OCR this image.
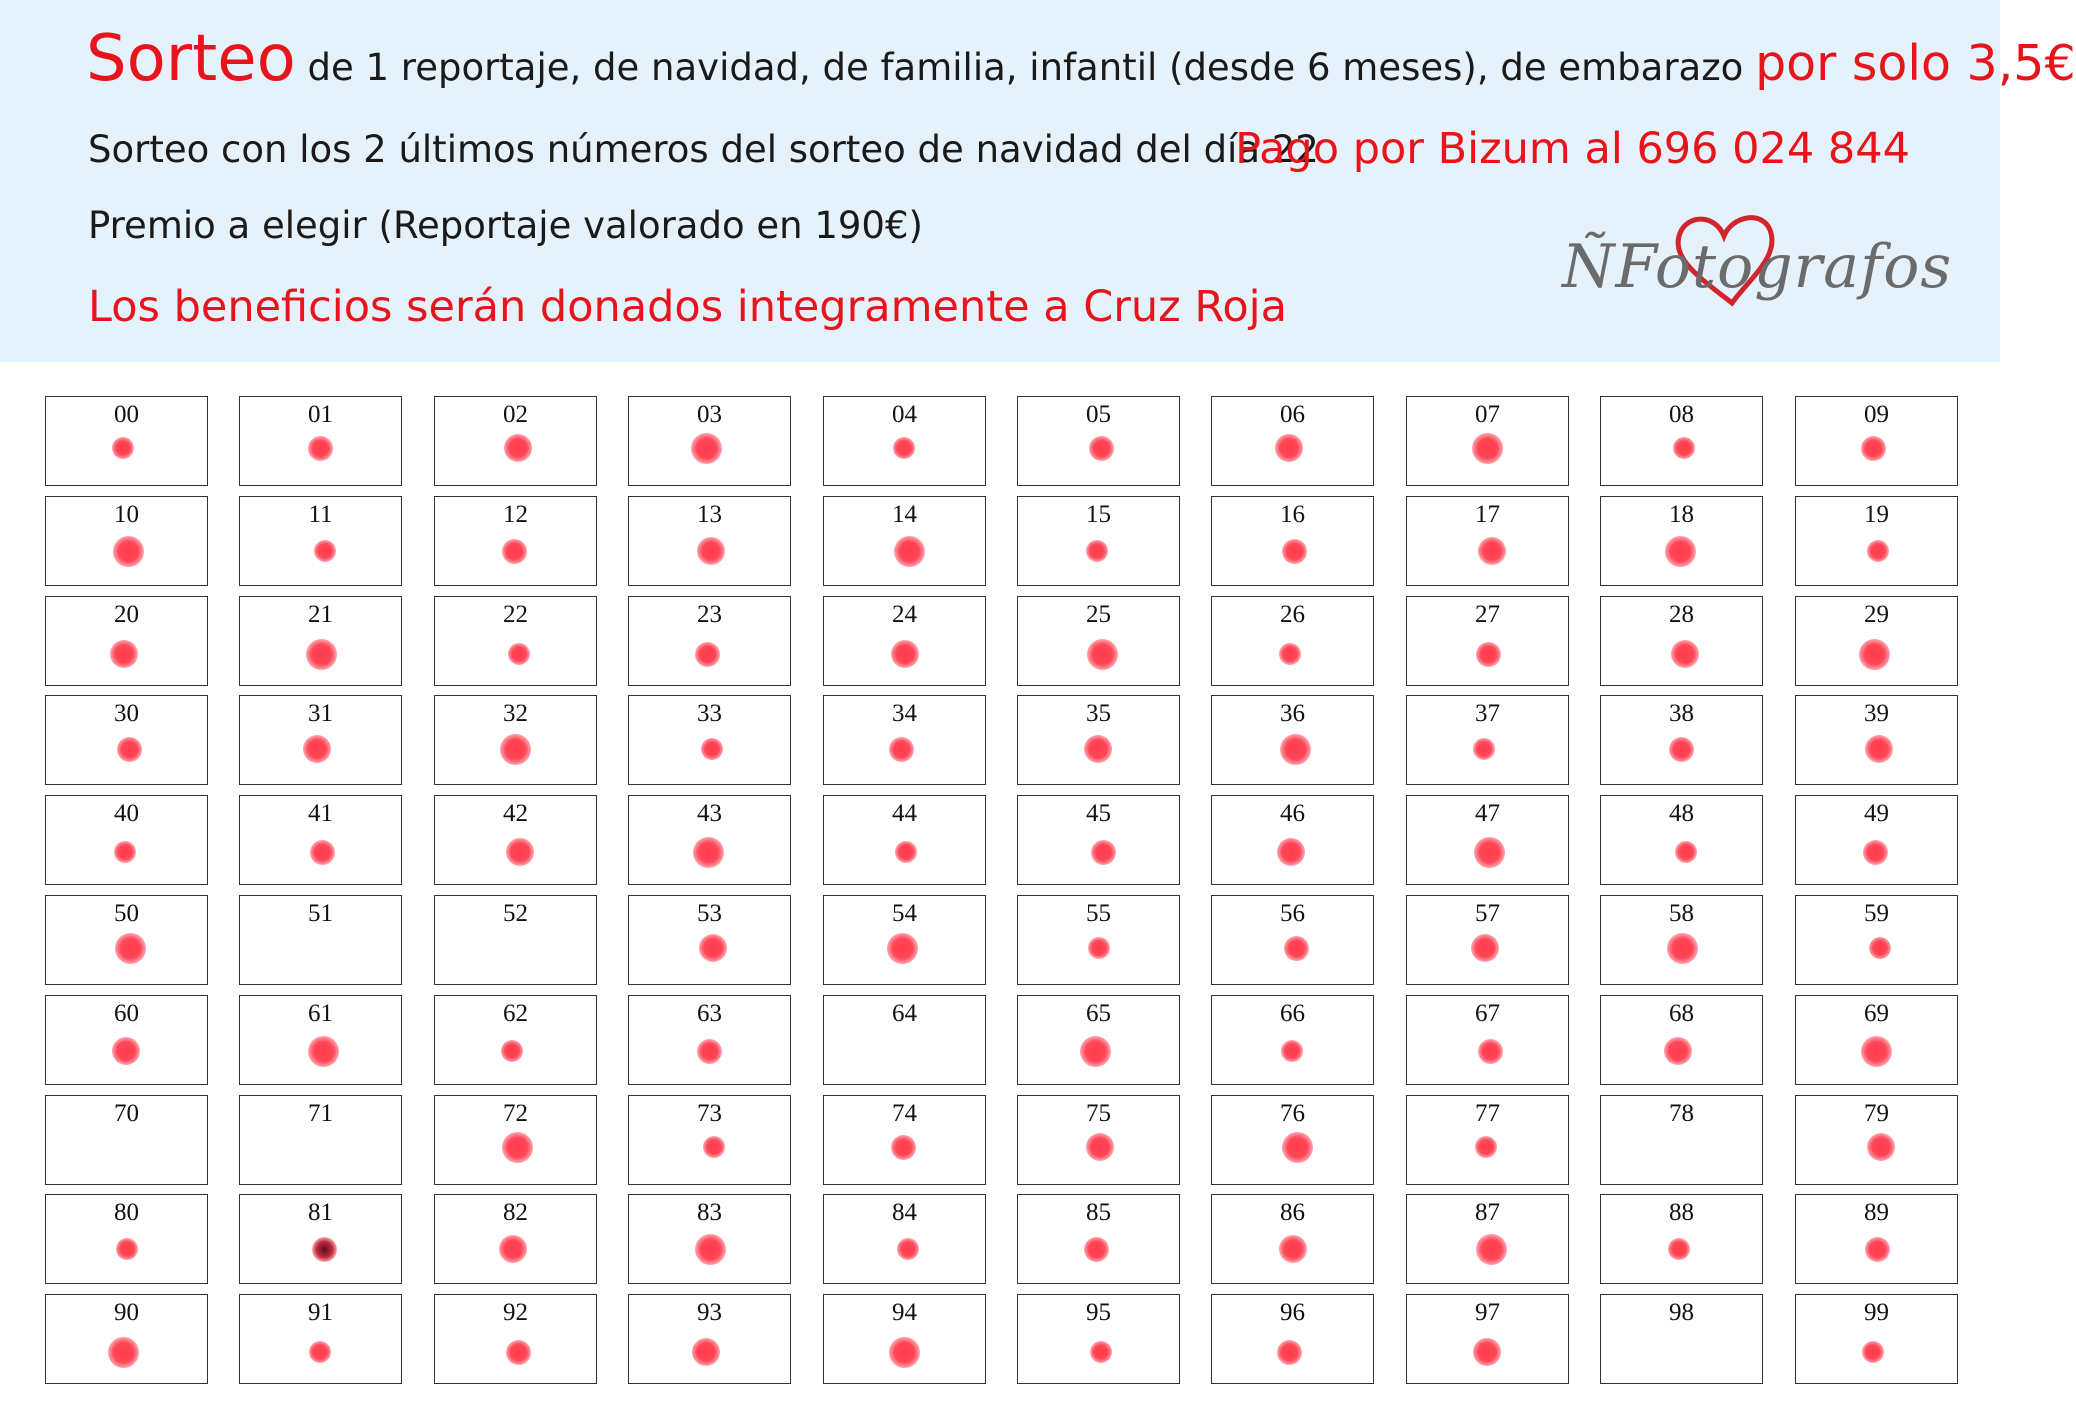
Sorteo de 1 reportaje, de navidad, de familia, infantil (desde 6 meses), de embarazo por solo 3,5€
Sorteo con los 2 últimos números del sorteo de navidad del día 22
Pago por Bizum al 696 024 844
Premio a elegir (Reportaje valorado en 190€)
Los beneficios serán donados integramente a Cruz Roja
ÑFotografos
00	01	02	03	04	05	06	07	08	09
10	11	12	13	14	15	16	17	18	19
20	21	22	23	24	25	26	27	28	29
30	31	32	33	34	35	36	37	38	39
40	41	42	43	44	45	46	47	48	49
50	51	52	53	54	55	56	57	58	59
60	61	62	63	64	65	66	67	68	69
70	71	72	73	74	75	76	77	78	79
80	81	82	83	84	85	86	87	88	89
90	91	92	93	94	95	96	97	98	99
